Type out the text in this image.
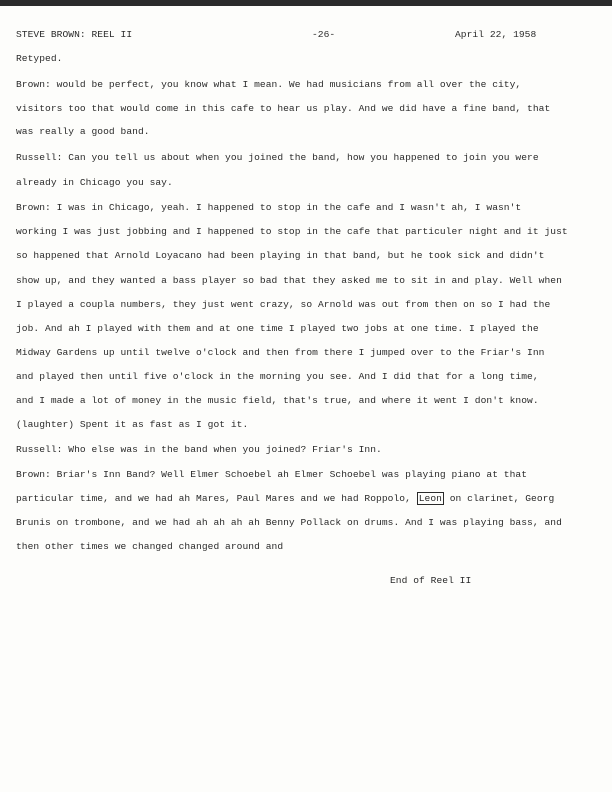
STEVE BROWN: REEL II	-26-	April 22, 1958
Retyped.
Brown: would be perfect, you know what I mean. We had musicians from all over the city,
visitors too that would come in this cafe to hear us play. And we did have a fine band, that
was really a good band.
Russell: Can you tell us about when you joined the band, how you happened to join you were
already in Chicago you say.
Brown: I was in Chicago, yeah. I happened to stop in the cafe and I wasn't ah, I wasn't
working I was just jobbing and I happened to stop in the cafe that particuler night and it just
so happened that Arnold Loyacano had been playing in that band, but he took sick and didn't
show up, and they wanted a bass player so bad that they asked me to sit in and play. Well when
I played a coupla numbers, they just went crazy, so Arnold was out from then on so I had the
job. And ah I played with them and at one time I played two jobs at one time. I played the
Midway Gardens up until twelve o'clock and then from there I jumped over to the Friar's Inn
and played then until five o'clock in the morning you see. And I did that for a long time,
and I made a lot of money in the music field, that's true, and where it went I don't know.
(laughter) Spent it as fast as I got it.
Russell: Who else was in the band when you joined? Friar's Inn.
Brown: Briar's Inn Band? Well Elmer Schoebel ah Elmer Schoebel was playing piano at that
particular time, and we had ah Mares, Paul Mares and we had Roppolo, Leon on clarinet, Georg
Brunis on trombone, and we had ah ah ah ah Benny Pollack on drums. And I was playing bass, and
then other times we changed changed around and
End of Reel II
